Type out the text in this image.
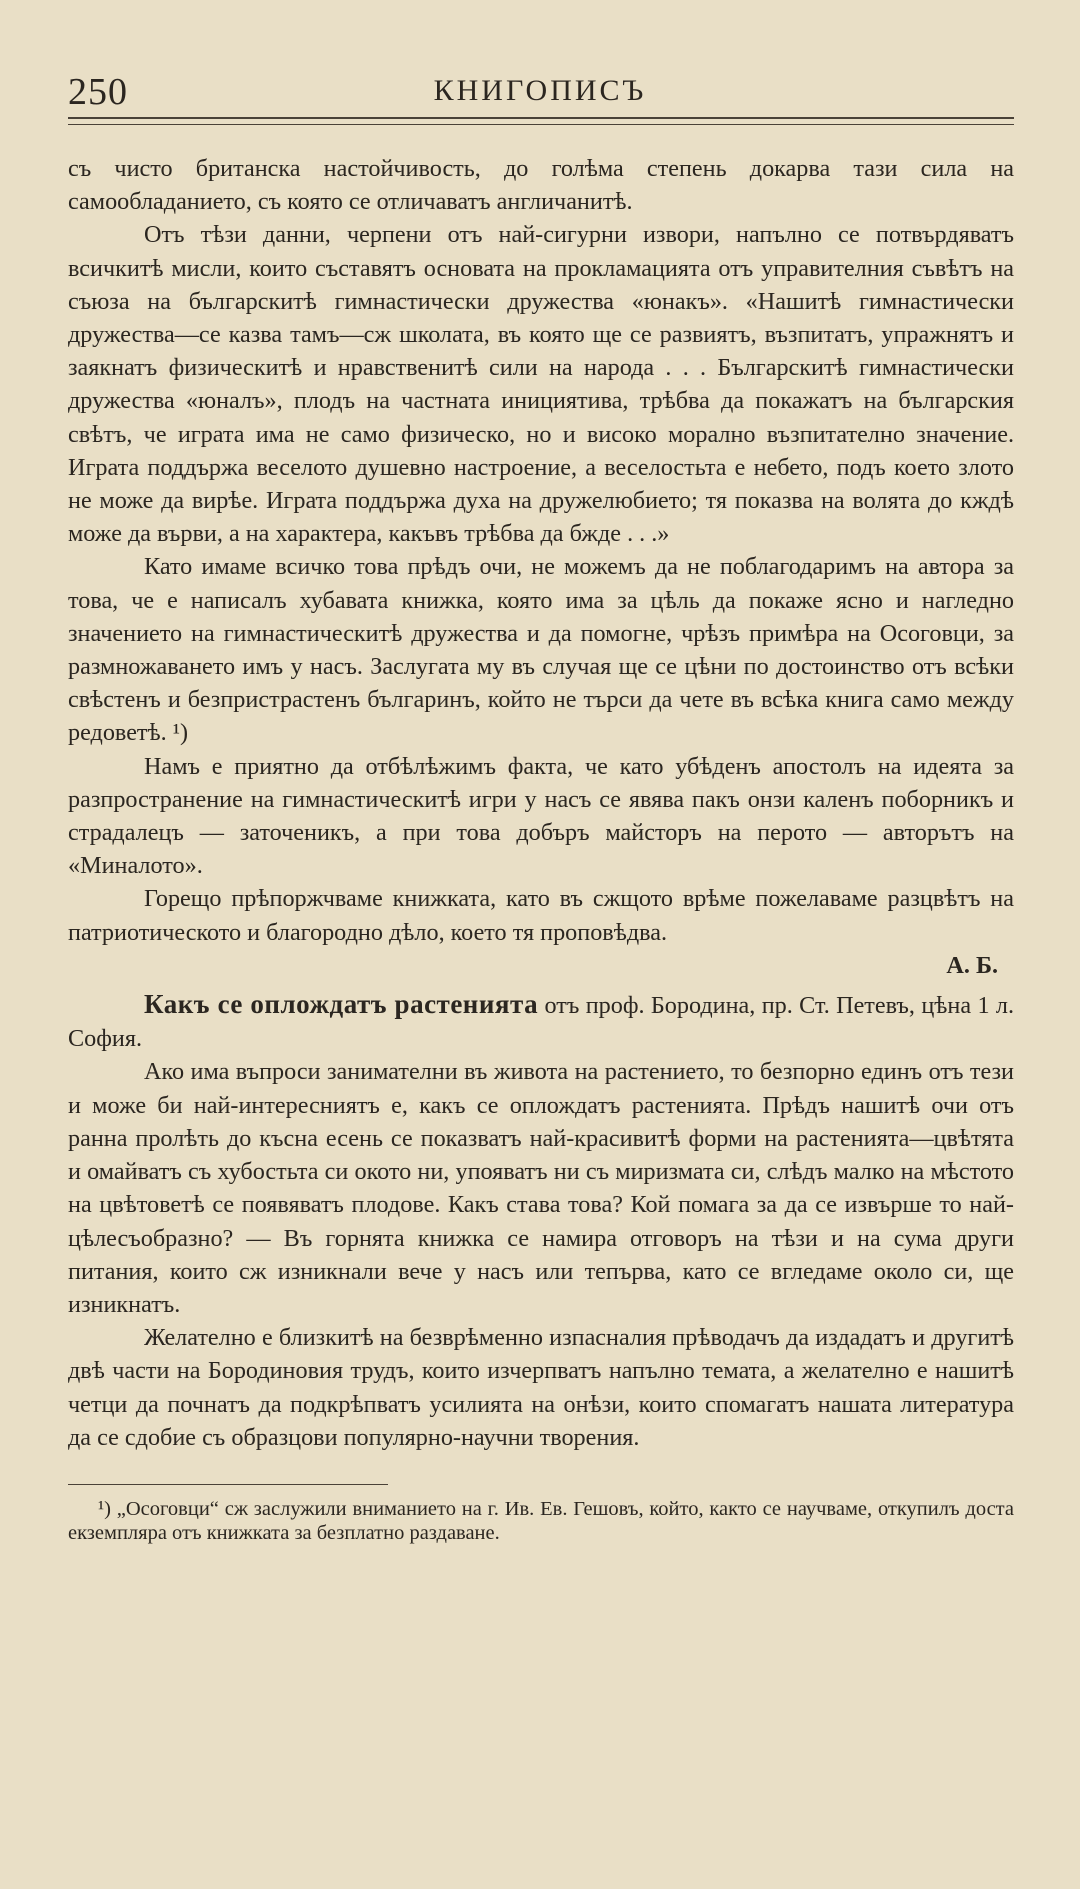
250	КНИГОПИСЪ

съ чисто британска настойчивость, до голѣма степень докарва тази сила на самообладанието, съ която се отличаватъ англичанитѣ.

Отъ тѣзи данни, черпени отъ най-сигурни извори, напълно се потвърдяватъ всичкитѣ мисли, които съставятъ основата на прокламацията отъ управителния съвѣтъ на съюза на българскитѣ гимнастически дружества «юнакъ». «Нашитѣ гимнастически дружества—се казва тамъ—сж школата, въ която ще се развиятъ, възпитатъ, упражнятъ и заякнатъ физическитѣ и нравственитѣ сили на народа . . . Българскитѣ гимнастически дружества «юналъ», плодъ на частната инициятива, трѣбва да покажатъ на българския свѣтъ, че играта има не само физическо, но и високо морално възпитателно значение. Играта поддържа веселото душевно настроение, а веселостьта е небето, подъ което злото не може да вирѣе. Играта поддържа духа на дружелюбието; тя показва на волята до кждѣ може да върви, а на характера, какъвъ трѣбва да бжде . . .»

Като имаме всичко това прѣдъ очи, не можемъ да не поблагодаримъ на автора за това, че е написалъ хубавата книжка, която има за цѣль да покаже ясно и нагледно значението на гимнастическитѣ дружества и да помогне, чрѣзъ примѣра на Осоговци, за размножаването имъ у насъ. Заслугата му въ случая ще се цѣни по достоинство отъ всѣки свѣстенъ и безпристрастенъ българинъ, който не търси да чете въ всѣка книга само между редоветѣ. ¹)

Намъ е приятно да отбѣлѣжимъ факта, че като убѣденъ апостолъ на идеята за разпространение на гимнастическитѣ игри у насъ се явява пакъ онзи каленъ поборникъ и страдалецъ — заточеникъ, а при това добъръ майсторъ на перото — авторътъ на «Миналото».

Горещо прѣпоржчваме книжката, като въ сжщото врѣме пожелаваме разцвѣтъ на патриотическото и благородно дѣло, което тя проповѣдва.

А. Б.

Какъ се оплождатъ растенията отъ проф. Бородина, пр. Ст. Петевъ, цѣна 1 л. София.

Ако има въпроси занимателни въ живота на растението, то безпорно единъ отъ тези и може би най-интересниятъ е, какъ се оплождатъ растенията. Прѣдъ нашитѣ очи отъ ранна пролѣть до късна есень се показватъ най-красивитѣ форми на растенията—цвѣтята и омайватъ съ хубостьта си окото ни, упояватъ ни съ миризмата си, слѣдъ малко на мѣстото на цвѣтоветѣ се появяватъ плодове. Какъ става това? Кой помага за да се извърше то най-цѣлесъобразно? — Въ горнята книжка се намира отговоръ на тѣзи и на сума други питания, които сж изникнали вече у насъ или тепърва, като се вгледаме около си, ще изникнатъ.

Желателно е близкитѣ на безврѣменно изпасналия прѣводачъ да издадатъ и другитѣ двѣ части на Бородиновия трудъ, които изчерпватъ напълно темата, а желателно е нашитѣ четци да почнатъ да подкрѣпватъ усилията на онѣзи, които спомагатъ нашата литература да се сдобие съ образцови популярно-научни творения.

¹) „Осоговци“ сж заслужили вниманието на г. Ив. Ев. Гешовъ, който, както се научваме, откупилъ доста екземпляра отъ книжката за безплатно раздаване.
